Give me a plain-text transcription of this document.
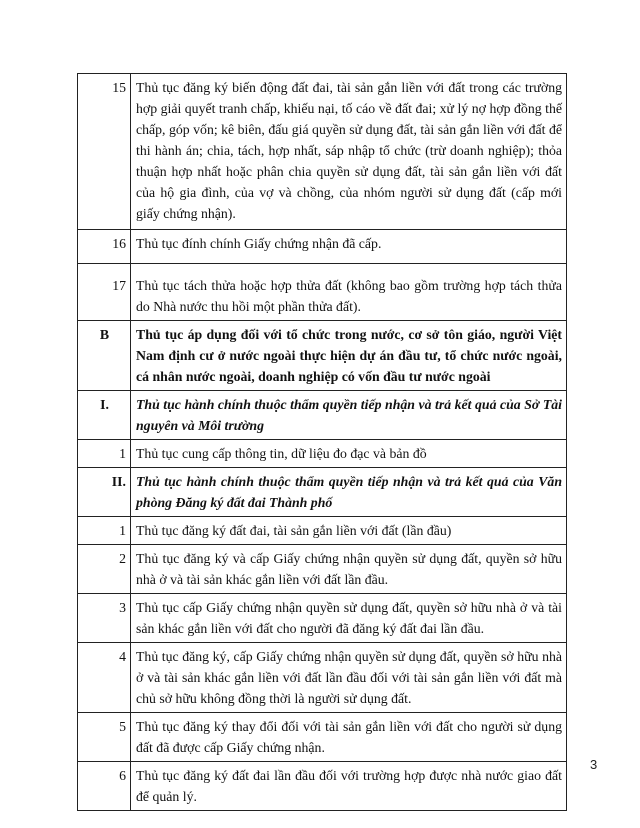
15	Thủ tục đăng ký biến động đất đai, tài sản gắn liền với đất trong các trường hợp giải quyết tranh chấp, khiếu nại, tố cáo về đất đai; xử lý nợ hợp đồng thế chấp, góp vốn; kê biên, đấu giá quyền sử dụng đất, tài sản gắn liền với đất để thi hành án; chia, tách, hợp nhất, sáp nhập tổ chức (trừ doanh nghiệp); thỏa thuận hợp nhất hoặc phân chia quyền sử dụng đất, tài sản gắn liền với đất của hộ gia đình, của vợ và chồng, của nhóm người sử dụng đất (cấp mới giấy chứng nhận).
16	Thủ tục đính chính Giấy chứng nhận đã cấp.
17	Thủ tục tách thửa hoặc hợp thửa đất (không bao gồm trường hợp tách thửa do Nhà nước thu hồi một phần thửa đất).
B	Thủ tục áp dụng đối với tổ chức trong nước, cơ sở tôn giáo, người Việt Nam định cư ở nước ngoài thực hiện dự án đầu tư, tổ chức nước ngoài, cá nhân nước ngoài, doanh nghiệp có vốn đầu tư nước ngoài
I.	Thủ tục hành chính thuộc thẩm quyền tiếp nhận và trả kết quả của Sở Tài nguyên và Môi trường
1	Thủ tục cung cấp thông tin, dữ liệu đo đạc và bản đồ
II.	Thủ tục hành chính thuộc thẩm quyền tiếp nhận và trả kết quả của Văn phòng Đăng ký đất đai Thành phố
1	Thủ tục đăng ký đất đai, tài sản gắn liền với đất (lần đầu)
2	Thủ tục đăng ký và cấp Giấy chứng nhận quyền sử dụng đất, quyền sở hữu nhà ở và tài sản khác gắn liền với đất lần đầu.
3	Thủ tục cấp Giấy chứng nhận quyền sử dụng đất, quyền sở hữu nhà ở và tài sản khác gắn liền với đất cho người đã đăng ký đất đai lần đầu.
4	Thủ tục đăng ký, cấp Giấy chứng nhận quyền sử dụng đất, quyền sở hữu nhà ở và tài sản khác gắn liền với đất lần đầu đối với tài sản gắn liền với đất mà chủ sở hữu không đồng thời là người sử dụng đất.
5	Thủ tục đăng ký thay đổi đối với tài sản gắn liền với đất cho người sử dụng đất đã được cấp Giấy chứng nhận.
6	Thủ tục đăng ký đất đai lần đầu đối với trường hợp được nhà nước giao đất để quản lý.
3
